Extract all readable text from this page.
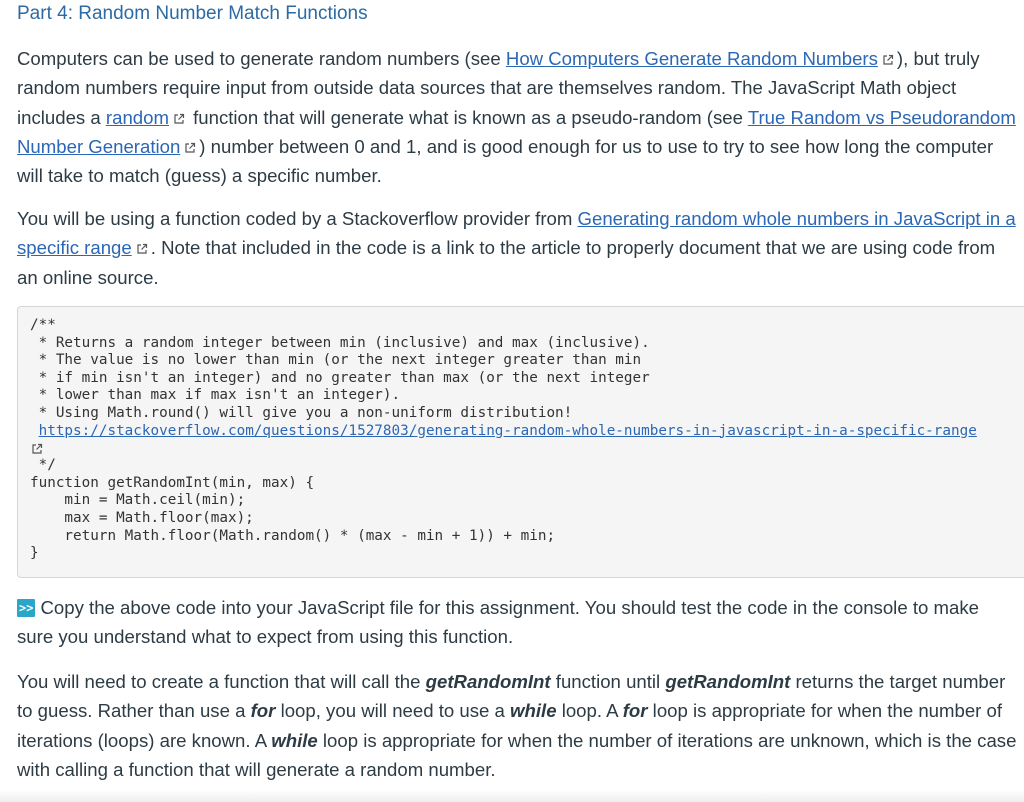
Part 4: Random Number Match Functions

Computers can be used to generate random numbers (see How Computers Generate Random Numbers ), but truly random numbers require input from outside data sources that are themselves random. The JavaScript Math object includes a random
function that will generate what is known as a pseudo-random (see True Random vs Pseudorandom Number Generation ) number between 0 and 1, and is good enough for us to use to try to see how long the computer will take to match (guess) a specific number.

You will be using a function coded by a Stackoverflow provider from Generating random whole numbers in JavaScript in a specific range . Note that included in the code is a link to the article to properly document that we are using code from an online source.

/**
* Returns a random integer between min (inclusive) and max (inclusive).
* The value is no lower than min (or the next integer greater than min
* if min isn't an integer) and no greater than max (or the next integer
* lower than max if max isn't an integer).
* Using Math.round() will give you a non-uniform distribution!
https://stackoverflow.com/questions/1527803/generating-random-whole-numbers-in-javascript-in-a-specific-range

*/
function getRandomInt(min, max) {
min = Math.ceil(min);
max = Math.floor(max);
return Math.floor(Math.random() * (max - min + 1)) + min;
}

>> Copy the above code into your JavaScript file for this assignment. You should test the code in the console to make sure you understand what to expect from using this function.

You will need to create a function that will call the getRandomInt function until getRandomInt returns the target number to guess. Rather than use a for loop, you will need to use a while loop. A for loop is appropriate for when the number of iterations (loops) are known. A while loop is appropriate for when the number of iterations are unknown, which is the case with calling a function that will generate a random number.
